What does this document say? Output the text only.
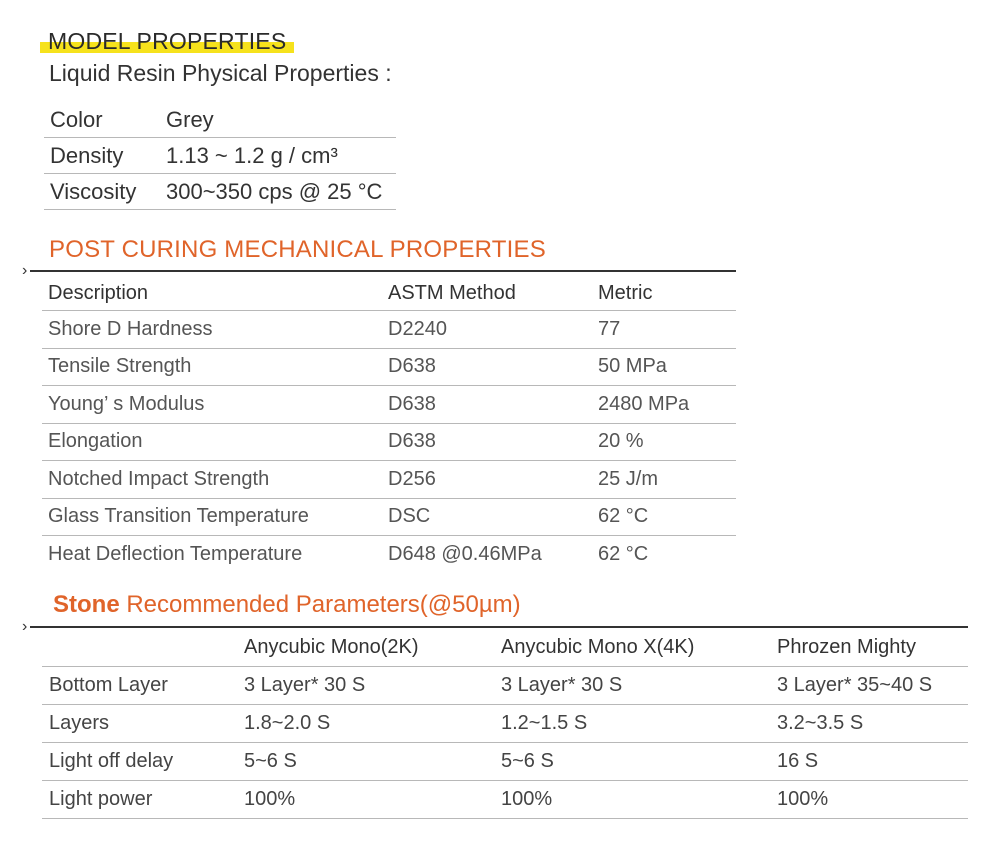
MODEL PROPERTIES
Liquid Resin Physical Properties :
Color	Grey
Density	1.13 ~ 1.2 g / cm³
Viscosity	300~350 cps @ 25 °C
POST CURING MECHANICAL PROPERTIES
›
Description	ASTM Method	Metric
Shore D Hardness	D2240	77
Tensile Strength	D638	50 MPa
Young’ s Modulus	D638	2480 MPa
Elongation	D638	20 %
Notched Impact Strength	D256	25 J/m
Glass Transition Temperature	DSC	62 °C
Heat Deflection Temperature	D648 @0.46MPa	62 °C
Stone Recommended Parameters(@50µm)
›
	Anycubic Mono(2K)	Anycubic Mono X(4K)	Phrozen Mighty
Bottom Layer	3 Layer* 30 S	3 Layer* 30 S	3 Layer* 35~40 S
Layers	1.8~2.0 S	1.2~1.5 S	3.2~3.5 S
Light off delay	5~6 S	5~6 S	16 S
Light power	100%	100%	100%
